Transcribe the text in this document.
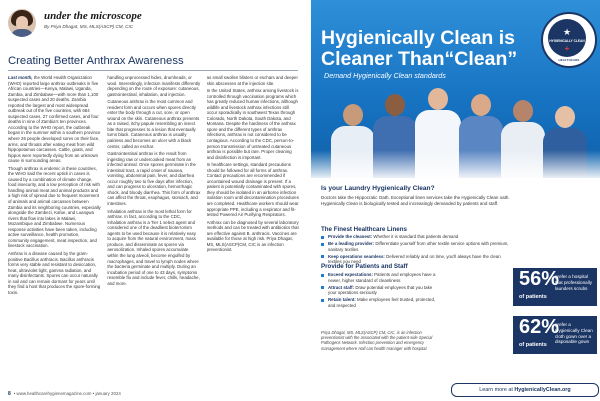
under the microscope
By Priya Dhagat, MS, MLS(ASCP) CM, CIC
Creating Better Anthrax Awareness

Last month, the World Health Organization (WHO) reported large anthrax outbreaks in five African countries—Kenya, Malawi, Uganda, Zambia, and Zimbabwe—with more than 1,100 suspected cases and 20 deaths. Zambia reported the largest and most widespread outbreak out of the five countries, with 684 suspected cases, 27 confirmed cases, and four deaths in nine of Zambia's ten provinces. According to the WHO report, the outbreak began in the summer within a southern province where 26 people developed sores on their face, arms, and throats after eating meat from wild hippopotamus carcasses. Cattle, goats, and hippos were reportedly dying from an unknown cause in surrounding areas.

Though anthrax is endemic in these countries, the WHO said the recent uptick in cases is caused by a combination of climate change, food insecurity, and a low perception of risk with handling animal meat and animal products and a high risk of spread due to frequent movement of animals and animal carcasses between Zambia and its neighboring countries, especially alongside the Zambezi, Kafue, and Luangwa rivers that flow into lakes in Malawi, Mozambique and Zimbabwe. Numerous response activities have been taken, including active surveillance, health promotion, community engagement, meat inspection, and livestock vaccination.

Anthrax is a disease caused by the gram-positive Bacillus anthracis. Bacillus anthracis forms very stable and resistant to desiccation, heat, ultraviolet light, gamma radiation, and many disinfectants. Spores can occur naturally in soil and can remain dormant for years until they find a host that produces the spore-forming toxin.

handling unprocessed hides, drumheads, or wool. Interestingly, infection manifests differently depending on the route of exposure: cutaneous, gastrointestinal, inhalation, and injection.

Cutaneous anthrax is the most common and resident form and occurs when spores directly enter the body through a cut, sore, or open wound on the skin. Cutaneous anthrax presents as a raised, itchy papule resembling an insect bite that progresses to a lesion that eventually turns black. Cutaneous anthrax is usually painless and becomes an ulcer with a black center, called an eschar.

Gastrointestinal anthrax is the result from ingesting raw or undercooked meat from an infected animal. Once spores germinate in the intestinal tract, a rapid onset of nausea, vomiting, abdominal pain, fever, and diarrhea occur roughly two to five days after infection, and can progress to ulceration, hemorrhagic shock, and bloody diarrhea. This form of anthrax can affect the throat, esophagus, stomach, and intestines.

Inhalation anthrax is the most lethal form for anthrax. In fact, according to the CDC, Inhalation anthrax is a Tier 1 select agent and considered one of the deadliest bioterrorism agents to be used because it is relatively easy to acquire from the natural environment, mass produce, and disseminate as spores via aerosolization. Inhaled spores accumulate within the lung alveoli, become engulfed by macrophages, and travel to lymph nodes where the bacteria germinate and multiply. During an incubation period of one to 43 days, symptoms resemble flu and include fever, chills, headache, and more.

as small swollen blisters or eschars and deeper skin abscesses at the injection site.

In the United States, anthrax among livestock is controlled through vaccination programs which has greatly reduced human infections, although wildlife and livestock anthrax infections still occur sporadically in southwest Texas through Colorado, North Dakota, South Dakota, and Montana. Despite the hardiness of the anthrax spore and the different types of anthrax infections, anthrax is not considered to be contagious. According to the CDC, person-to-person transmission of untreated cutaneous anthrax is possible but rare. Proper cleaning and disinfection is important.

In healthcare settings, standard precautions should be followed for all forms of anthrax. Contact precautions are recommended if uncontained wound drainage is present. If a patient is potentially contaminated with spores, they should be isolated in an airborne infection isolation room until decontamination procedures are completed. Healthcare workers should wear appropriate PPE, including a respirator and fit-tested Powered Air Purifying Respirators.

Anthrax can be diagnosed by several laboratory methods and can be treated with antibiotics that are effective against B. anthracis. Vaccines are available for those at high risk. Priya Dhagat, MS, MLS(ASCP)CM, CIC is an infection preventionist.

8 • www.healthcarehygienemagazine.com • january 2024
Hygienically Clean is Cleaner Than“Clean”
Demand Hygienically Clean standards
★
HYGIENICALLY CLEAN
+
HEALTHCARE
Is your Laundry Hygienically Clean?
Doctors take the Hippocratic Oath. Exceptional linen services take the Hygienically Clean oath. Hygienically Clean is biologically tested and increasingly demanded by patients and staff.
The Finest Healthcare Linens
Provide the cleanest: Whether it is standard that patients demand
Be a leading provider: Differentiate yourself from other textile service options with premium, sanitary textiles
Keep operations seamless: Delivered reliably and on time, you'll always have the clean textiles you need
Provide for Patients and Staff
Exceed expectations: Patients and employees have a newer, higher standard of cleanliness
Attract staff: Draw potential employees that you take your operations seriously
Retain talent: Make employees feel trusted, protected, and respected
Priya Dhagat, MS, MLS(ASCP) CM, CIC, is an infection preventionist with the associated with the patient-side Special Pathogens Network. Infection prevention and emergency management where Hall can health manager with hospital.
56%
of patients
prefer a hospital that professionally launders scrubs
62%
of patients
prefer a Hygienically Clean cloth gown over a disposable gown
Learn more at HygienicallyClean.org
